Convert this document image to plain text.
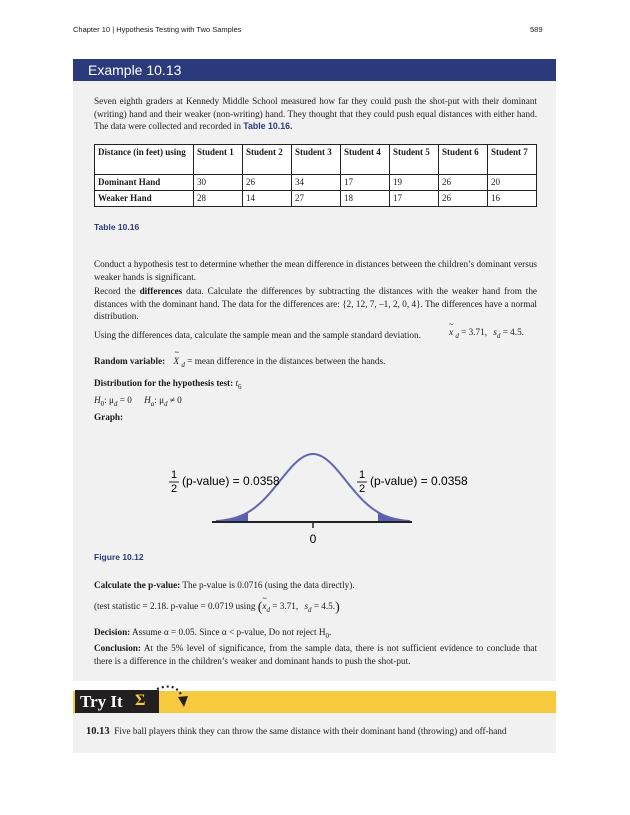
Chapter 10 | Hypothesis Testing with Two Samples	589
Example 10.13

Seven eighth graders at Kennedy Middle School measured how far they could push the shot-put with their dominant (writing) hand and their weaker (non-writing) hand. They thought that they could push equal distances with either hand. The data were collected and recorded in Table 10.16.

Distance (in feet) using	Student 1	Student 2	Student 3	Student 4	Student 5	Student 6	Student 7
Dominant Hand	30	26	34	17	19	26	20
Weaker Hand	28	14	27	18	17	26	16
Table 10.16

Conduct a hypothesis test to determine whether the mean difference in distances between the children’s dominant versus weaker hands is significant.

Record the differences data. Calculate the differences by subtracting the distances with the weaker hand from the distances with the dominant hand. The data for the differences are: {2, 12, 7, –1, 2, 0, 4}. The differences have a normal distribution.

Using the differences data, calculate the sample mean and the sample standard deviation.

~
x $_d$ = 3.71, $s_d = 4.5$.
Random variable:
~
X $_d$ = mean difference in the distances between the hands.
Distribution for the hypothesis test: $t_6$
$H_0$: $\mu_d = 0$ $H_a$: $\mu_d \ne 0$
Graph:
0
1
2
(p-value) = 0.0358	1
2
(p-value) = 0.0358
Figure 10.12
Calculate the p-value: The p-value is 0.0716 (using the data directly).
(test statistic = 2.18. p-value = 0.0719 using (
~
$x_d = 3.71$, $s_d = 4.5$.)
Decision: Assume α = 0.05. Since α < p-value, Do not reject $H_0$.

Conclusion: At the 5% level of significance, from the sample data, there is not sufficient evidence to conclude that there is a difference in the children’s weaker and dominant hands to push the shot-put.

Try It Σ
10.13 Five ball players think they can throw the same distance with their dominant hand (throwing) and off-hand
